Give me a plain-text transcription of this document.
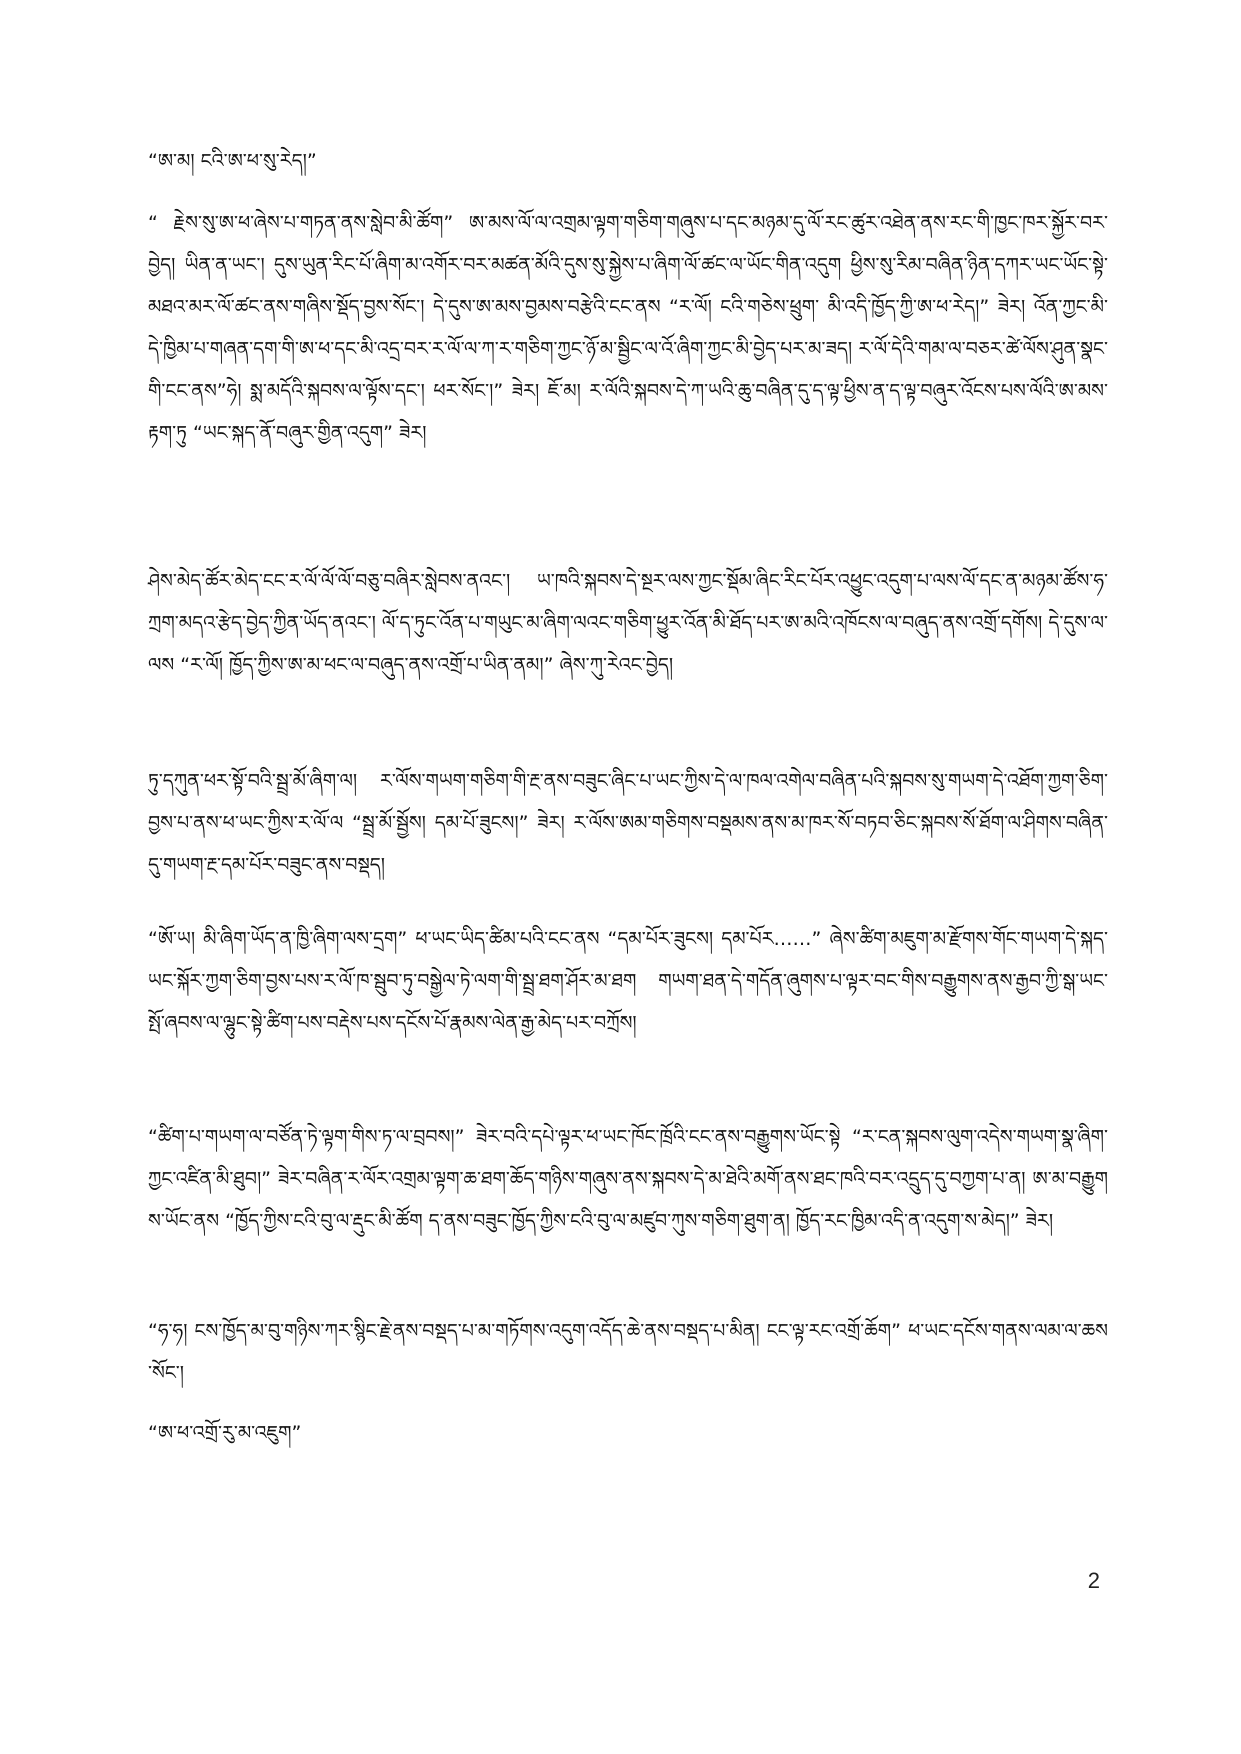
“ཨ་མ། ངའི་ཨ་ཕ་སུ་རེད།”
“ རྗེས་སུ་ཨ་ཕ་ཞེས་པ་གཏན་ནས་སླེབ་མི་ཚོག” ཨ་མས་ལོ་ལ་འགྲམ་ལྟག་གཅིག་གཞུས་པ་དང་མཉམ་དུ་ལོ་རང་ཚུར་འཐེན་ནས་རང་གི་ཁྱང་ཁར་སྐྱོར་བར་བྱེད། ཡིན་ན་ཡང་། དུས་ཡུན་རིང་པོ་ཞིག་མ་འགོར་བར་མཚན་མོའི་དུས་སུ་སྐྱེས་པ་ཞིག་ལོ་ཚང་ལ་ཡོང་གིན་འདུག ཕྱིས་སུ་རིམ་བཞིན་ཉིན་དཀར་ཡང་ཡོང་སྟེ་མཐའ་མར་ལོ་ཚང་ནས་གཞིས་སྡོད་བྱས་སོང་། དེ་དུས་ཨ་མས་བྱམས་བརྩེའི་ངང་ནས “ར་ལོ། ངའི་གཅེས་ཕྲུག་ མི་འདི་ཁྱོད་ཀྱི་ཨ་ཕ་རེད།” ཟེར། འོན་ཀྱང་མི་དེ་ཁྱིམ་པ་གཞན་དག་གི་ཨ་ཕ་དང་མི་འདྲ་བར་ར་ལོ་ལ་ཀ་ར་གཅིག་ཀྱང་ཉོ་མ་སྦྱིང་ལ་འོ་ཞིག་ཀྱང་མི་བྱེད་པར་མ་ཟད། ར་ལོ་དེའི་གམ་ལ་བཅར་ཚེ་ལོས་ཤུན་སྣང་གི་ངང་ནས”ཧེ། སྨ་མདོའི་སྐབས་ལ་ལྟོས་དང་། ཕར་སོང་།” ཟེར། ཇོ་མ། ར་ལོའི་སྐབས་དེ་ཀ་ཡའི་ཆུ་བཞིན་དུ་ད་ལྟ་ཕྱིས་ན་ད་ལྟ་བཞུར་འོངས་པས་ལོའི་ཨ་མས་རྟག་ཏུ “ཡང་སྐད་ནོ་བཞུར་གྱིན་འདུག” ཟེར།
ཤེས་མེད་ཚོར་མེད་ངང་ར་ལོ་ལོ་ལོ་བཅུ་བཞིར་སླེབས་ནའང་། ཡ་ཁའི་སྐབས་དེ་སྔར་ལས་ཀྱང་སྡོམ་ཞིང་རིང་པོར་འཕྱུང་འདུག་པ་ལས་ལོ་དང་ན་མཉམ་ཚོས་ཧ་ཀྲག་མདའ་རྩེད་བྱེད་ཀྱིན་ཡོད་ནའང་། ལོ་ད་ཏུང་འོན་པ་གཡུང་མ་ཞིག་ལའང་གཅིག་ཕྱུར་འོན་མི་ཐོད་པར་ཨ་མའི་འཁོངས་ལ་བཞུད་ནས་འགྲོ་དགོས། དེ་དུས་ལ་ལས “ར་ལོ། ཁྱོད་ཀྱིས་ཨ་མ་ཕང་ལ་བཞུད་ནས་འགྲོ་པ་ཡིན་ནམ།” ཞེས་ཀུ་རེའང་བྱེད།
ཏུ་དཀུན་ཕར་སྟོ་བའི་སྦྲ་མོ་ཞིག་ལ། ར་ལོས་གཡག་གཅིག་གི་རྔ་ནས་བཟུང་ཞིང་པ་ཡང་ཀྱིས་དེ་ལ་ཁལ་འགེལ་བཞིན་པའི་སྐབས་སུ་གཡག་དེ་འཐོག་ཀྱག་ཅིག་བྱས་པ་ནས་ཕ་ཡང་ཀྱིས་ར་ལོ་ལ “སྦྲ་མོ་སྦྱོས། དམ་པོ་ཟུངས།” ཟེར། ར་ལོས་ཨམ་གཅིགས་བསྡམས་ནས་མ་ཁར་སོ་བཏབ་ཅིང་སྐབས་སོ་ཐོག་ལ་ཤིགས་བཞིན་དུ་གཡག་རྔ་དམ་པོར་བཟུང་ནས་བསྡད།
“ཨོ་ཡ། མི་ཞིག་ཡོད་ན་ཁྱི་ཞིག་ལས་དྲག” ཕ་ཡང་ཡིད་ཚིམ་པའི་ངང་ནས “དམ་པོར་ཟུངས། དམ་པོར……” ཞེས་ཚིག་མཇུག་མ་རྫོགས་གོང་གཡག་དེ་སྐད་ཡང་སྐོར་ཀྱག་ཅིག་བྱས་པས་ར་ལོ་ཁ་སྦུབ་ཏུ་བསྒྱེལ་ཏེ་ལག་གི་སྦྲ་ཐག་ཤོར་མ་ཐག གཡག་ཐན་དེ་གདོན་ཞུགས་པ་ལྟར་བང་གིས་བརྒྱུགས་ནས་རྒྱབ་ཀྱི་སྒ་ཡང་སྤོ་ཞབས་ལ་ལྷུང་སྟེ་ཚིག་པས་བརྡེས་པས་དངོས་པོ་རྣམས་ལེན་རྒྱ་མེད་པར་བཀྲོས།
“ཚིག་པ་གཡག་ལ་བཙོན་ཏེ་ལྟག་གིས་ཏ་ལ་བྲབས།” ཟེར་བའི་དཔེ་ལྟར་ཕ་ཡང་ཁོང་ཁྲོའི་ངང་ནས་བརྒྱུགས་ཡོང་སྟེ “ར་ངན་སྐབས་ལུག་འདེས་གཡག་སྣ་ཞིག་ཀྱང་འཛིན་མི་ཐུབ།” ཟེར་བཞིན་ར་ལོར་འགྲམ་ལྟག་ཆ་ཐག་ཆོད་གཉིས་གཞུས་ནས་སྐབས་དེ་མ་ཐེའི་མགོ་ནས་ཐང་ཁའི་བར་འདྲུད་དུ་བཀྱག་པ་ན། ཨ་མ་བརྒྱུགས་ཡོང་ནས “ཁྱོད་ཀྱིས་ངའི་བུ་ལ་རྡུང་མི་ཚོག ད་ནས་བཟུང་ཁྱོད་ཀྱིས་ངའི་བུ་ལ་མཛུབ་ཀུས་གཅིག་ཐུག་ན། ཁྱོད་རང་ཁྱིམ་འདི་ན་འདུག་ས་མེད།” ཟེར།
“ཧ་ཧ། ངས་ཁྱོད་མ་བུ་གཉིས་ཀར་སྙིང་རྗེ་ནས་བསྡད་པ་མ་གཏོགས་འདུག་འདོད་ཆེ་ནས་བསྡད་པ་མིན། ངང་ལྟ་རང་འགྲོ་ཆོག” ཕ་ཡང་དངོས་གནས་ལམ་ལ་ཆས་སོང་།
“ཨ་ཕ་འགྲོ་རུ་མ་འཇུག”
2
